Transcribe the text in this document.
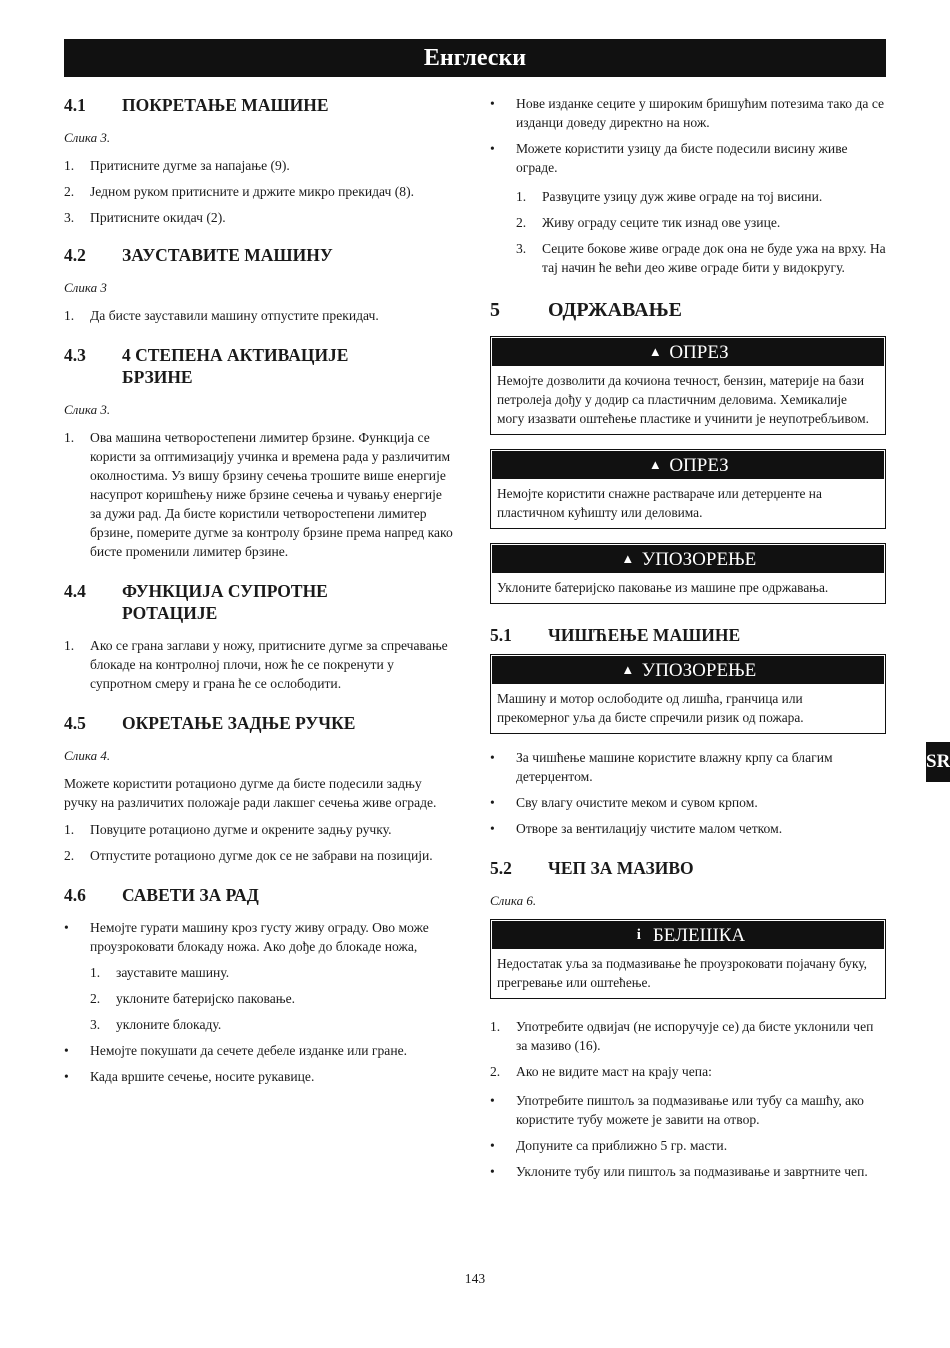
Енглески
SR
4.1	ПОКРЕТАЊЕ МАШИНЕ
Слика 3.
1.	Притисните дугме за напајање (9).
2.	Једном руком притисните и држите микро прекидач (8).
3.	Притисните окидач (2).
4.2	ЗАУСТАВИТЕ МАШИНУ
Слика 3
1.	Да бисте зауставили машину отпустите прекидач.
4.3	4 СТЕПЕНА АКТИВАЦИЈЕ БРЗИНЕ
Слика 3.
1.	Ова машина четворостепени лимитер брзине. Функција се користи за оптимизацију учинка и времена рада у различитим околностима. Уз вишу брзину сечења трошите више енергије насупрот коришћењу ниже брзине сечења и чувању енергије за дужи рад. Да бисте користили четворостепени лимитер брзине, померите дугме за контролу брзине према напред како бисте променили лимитер брзине.
4.4	ФУНКЦИЈА СУПРОТНЕ РОТАЦИЈЕ
1.	Ако се грана заглави у ножу, притисните дугме за спречавање блокаде на контролној плочи, нож ће се покренути у супротном смеру и грана ће се ослободити.
4.5	ОКРЕТАЊЕ ЗАДЊЕ РУЧКЕ
Слика 4.
Можете користити ротационо дугме да бисте подесили задњу ручку на различитих положаје ради лакшег сечења живе ограде.
1.	Повуците ротационо дугме и окрените задњу ручку.
2.	Отпустите ротационо дугме док се не забрави на позицији.
4.6	САВЕТИ ЗА РАД
•	Немојте гурати машину кроз густу живу ограду. Ово може проузроковати блокаду ножа. Ако дође до блокаде ножа,
1.	зауставите машину.
2.	уклоните батеријско паковање.
3.	уклоните блокаду.
•	Немојте покушати да сечете дебеле изданке или гране.
•	Када вршите сечење, носите рукавице.
•	Нове изданке сеците у широким бришућим потезима тако да се изданци доведу директно на нож.
•	Можете користити узицу да бисте подесили висину живе ограде.
1.	Развуците узицу дуж живе ограде на тој висини.
2.	Живу ограду сеците тик изнад ове узице.
3.	Сеците бокове живе ограде док она не буде ужа на врху. На тај начин ће већи део живе ограде бити у видокругу.
5	ОДРЖАВАЊЕ
▲ ОПРЕЗ
Немојте дозволити да кочиона течност, бензин, материје на бази петролеја дођу у додир са пластичним деловима. Хемикалије могу изазвати оштећење пластике и учинити је неупотребљивом.
▲ ОПРЕЗ
Немојте користити снажне раствараче или детерџенте на пластичном кућишту или деловима.
▲ УПОЗОРЕЊЕ
Уклоните батеријско паковање из машине пре одржавања.
5.1	ЧИШЋЕЊЕ МАШИНЕ
▲ УПОЗОРЕЊЕ
Машину и мотор ослободите од лишћа, гранчица или прекомерног уља да бисте спречили ризик од пожара.
•	За чишћење машине користите влажну крпу са благим детерџентом.
•	Сву влагу очистите меком и сувом крпом.
•	Отворе за вентилацију чистите малом четком.
5.2	ЧЕП ЗА МАЗИВО
Слика 6.
i БЕЛЕШКА
Недостатак уља за подмазивање ће проузроковати појачану буку, прегревање или оштећење.
1.	Употребите одвијач (не испоручује се) да бисте уклонили чеп за мазиво (16).
2.	Ако не видите маст на крају чепа:
•	Употребите пиштољ за подмазивање или тубу са машћу, ако користите тубу можете је завити на отвор.
•	Допуните са приближно 5 гр. масти.
•	Уклоните тубу или пиштољ за подмазивање и завртните чеп.
143
